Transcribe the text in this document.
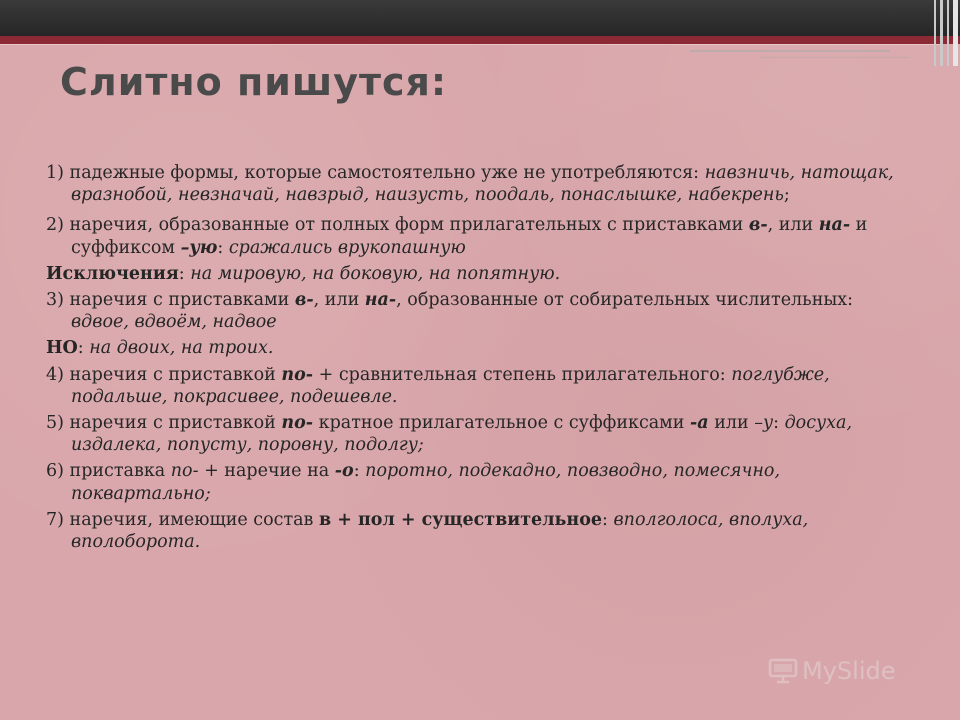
Слитно пишутся:

1) падежные формы, которые самостоятельно уже не употребляются: навзничь, натощак, вразнобой, невзначай, навзрыд, наизусть, поодаль, понаслышке, набекрень;

2) наречия, образованные от полных форм прилагательных с приставками в-, или на- и суффиксом –ую: сражались врукопашную

Исключения: на мировую, на боковую, на попятную.

3) наречия с приставками в-, или на-, образованные от собирательных числительных: вдвое, вдвоём, надвое

НО: на двоих, на троих.

4) наречия с приставкой по- + сравнительная степень прилагательного: поглубже, подальше, покрасивее, подешевле.

5) наречия с приставкой по- кратное прилагательное с суффиксами -а или –у: досуха, издалека, попусту, поровну, подолгу;

6) приставка по- + наречие на -о: поротно, подекадно, повзводно, помесячно, поквартально;

7) наречия, имеющие состав в + пол + существительное: вполголоса, вполуха, вполоборота.

MySlide
